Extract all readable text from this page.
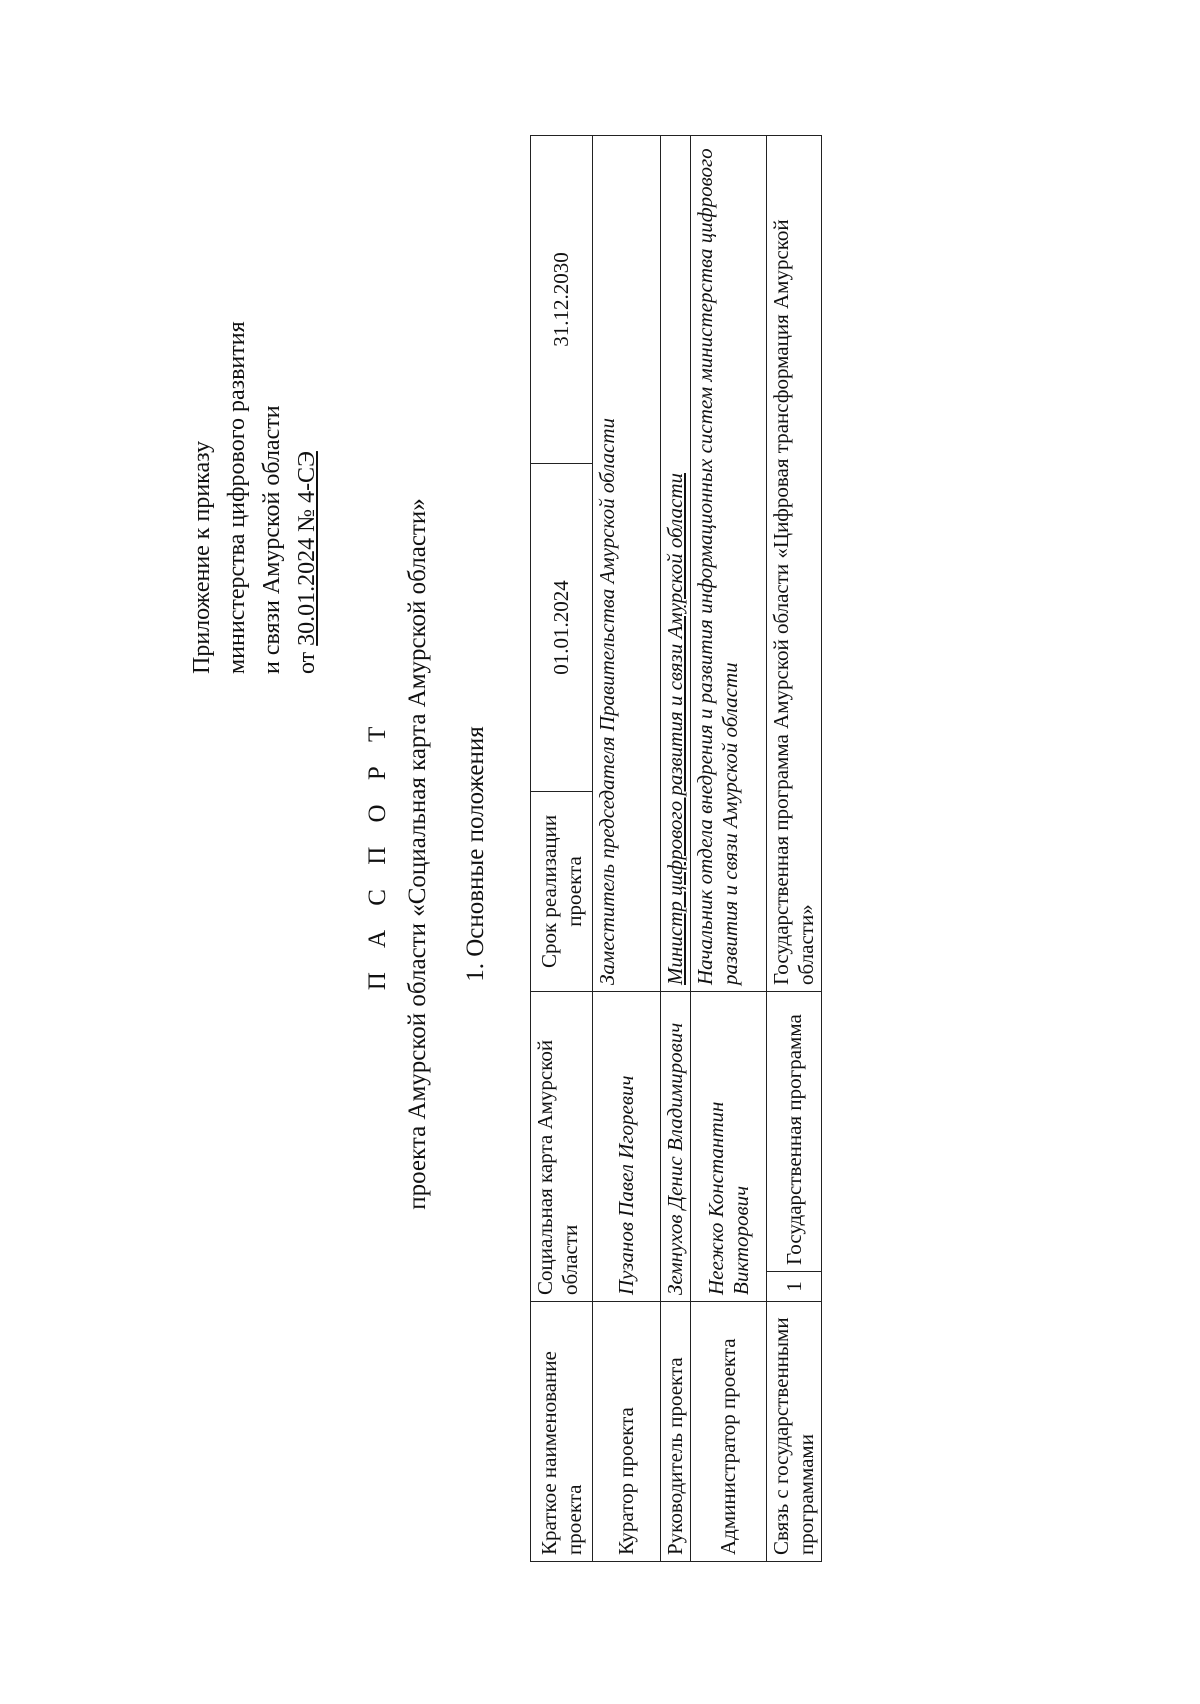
Приложение к приказу министерства цифрового развития и связи Амурской области от 30.01.2024 № 4-СЭ
П А С П О Р Т проекта Амурской области «Социальная карта Амурской области» 1. Основные положения
Краткое наименование проекта	Социальная карта Амурской области		Срок реализации проекта	01.01.2024	31.12.2030
Куратор проекта	Пузанов Павел Игоревич		Заместитель председателя Правительства Амурской области		
Руководитель проекта	Земнухов Денис Владимирович		Министр цифрового развития и связи Амурской области		
Администратор проекта	Неежко Константин Викторович		Начальник отдела внедрения и развития информационных систем министерства цифрового развития и связи Амурской области		
Связь с государственными программами	1	Государственная программа	Государственная программа Амурской области «Цифровая трансформация Амурской области»		
